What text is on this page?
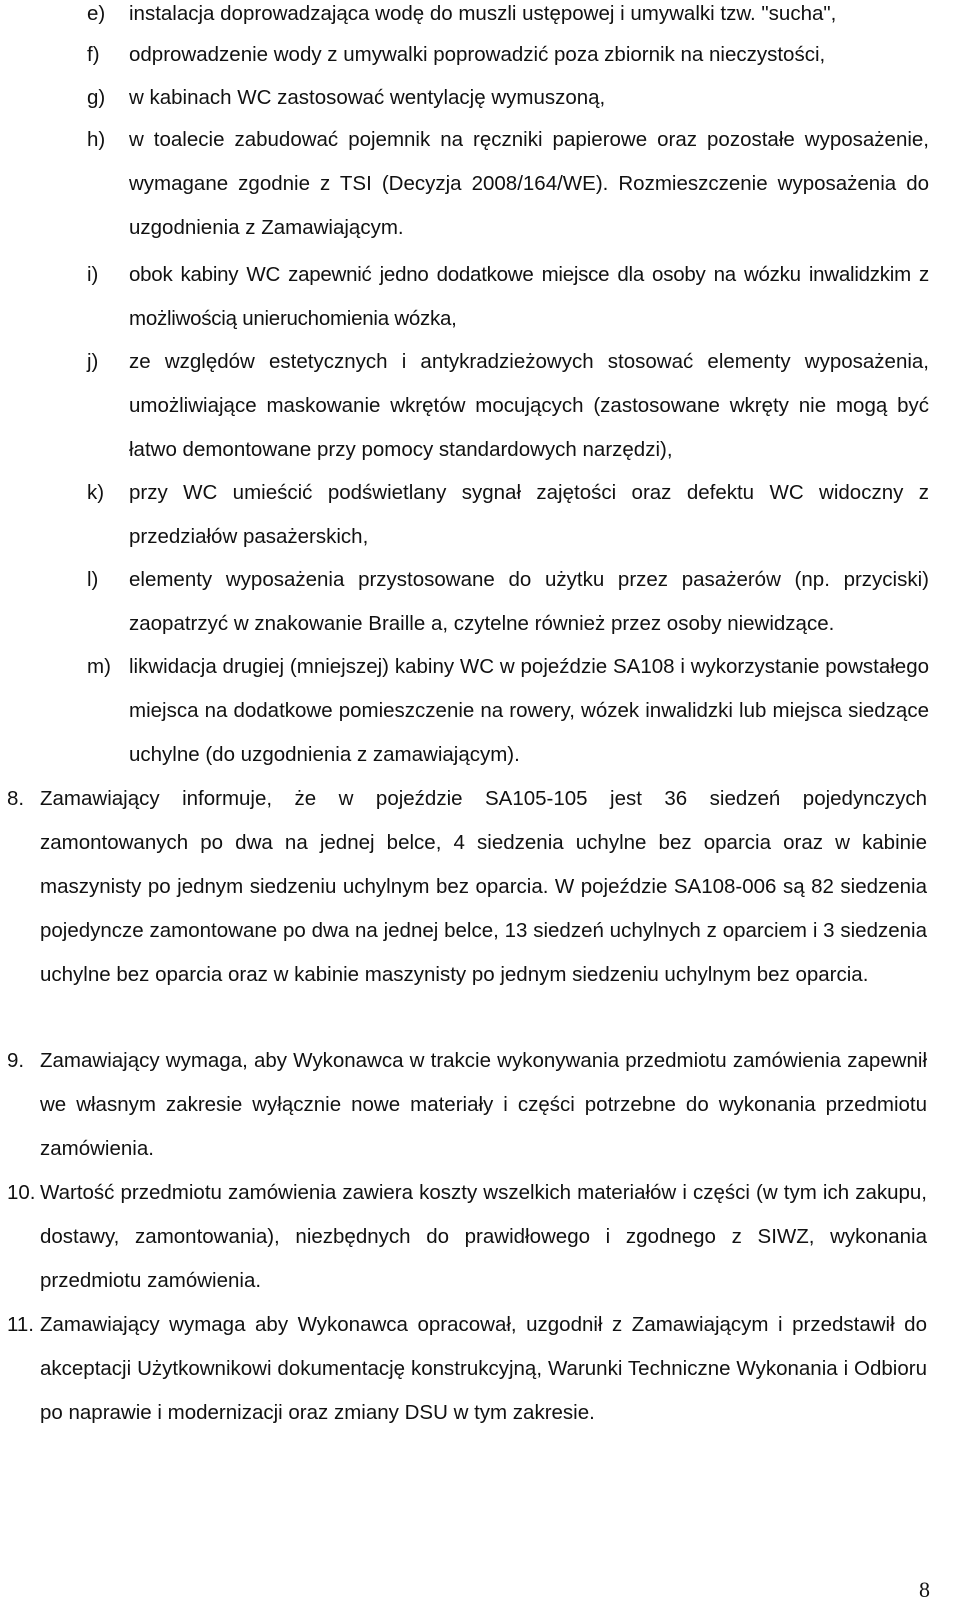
e) instalacja doprowadzająca wodę do muszli ustępowej i umywalki tzw. "sucha",
f) odprowadzenie wody z umywalki poprowadzić poza zbiornik na nieczystości,
g) w kabinach WC zastosować wentylację wymuszoną,
h) w toalecie zabudować pojemnik na ręczniki papierowe oraz pozostałe wyposażenie, wymagane zgodnie z TSI (Decyzja 2008/164/WE). Rozmieszczenie wyposażenia do uzgodnienia z Zamawiającym.
i) obok kabiny WC zapewnić jedno dodatkowe miejsce dla osoby na wózku inwalidzkim z możliwością unieruchomienia wózka,
j) ze względów estetycznych i antykradzieżowych stosować elementy wyposażenia, umożliwiające maskowanie wkrętów mocujących (zastosowane wkręty nie mogą być łatwo demontowane przy pomocy standardowych narzędzi),
k) przy WC umieścić podświetlany sygnał zajętości oraz defektu WC widoczny z przedziałów pasażerskich,
l) elementy wyposażenia przystosowane do użytku przez pasażerów (np. przyciski) zaopatrzyć w znakowanie Braille a, czytelne również przez osoby niewidzące.
m) likwidacja drugiej (mniejszej) kabiny WC w pojeździe SA108 i wykorzystanie powstałego miejsca na dodatkowe pomieszczenie na rowery, wózek inwalidzki lub miejsca siedzące uchylne (do uzgodnienia z zamawiającym).
8. Zamawiający informuje, że w pojeździe SA105-105 jest 36 siedzeń pojedynczych zamontowanych po dwa na jednej belce, 4 siedzenia uchylne bez oparcia oraz w kabinie maszynisty po jednym siedzeniu uchylnym bez oparcia. W pojeździe SA108-006 są 82 siedzenia pojedyncze zamontowane po dwa na jednej belce, 13 siedzeń uchylnych z oparciem i 3 siedzenia uchylne bez oparcia oraz w kabinie maszynisty po jednym siedzeniu uchylnym bez oparcia.
9. Zamawiający wymaga, aby Wykonawca w trakcie wykonywania przedmiotu zamówienia zapewnił we własnym zakresie wyłącznie nowe materiały i części potrzebne do wykonania przedmiotu zamówienia.
10. Wartość przedmiotu zamówienia zawiera koszty wszelkich materiałów i części (w tym ich zakupu, dostawy, zamontowania), niezbędnych do prawidłowego i zgodnego z SIWZ, wykonania przedmiotu zamówienia.
11. Zamawiający wymaga aby Wykonawca opracował, uzgodnił z Zamawiającym i przedstawił do akceptacji Użytkownikowi dokumentację konstrukcyjną, Warunki Techniczne Wykonania i Odbioru po naprawie i modernizacji oraz zmiany DSU w tym zakresie.
8
